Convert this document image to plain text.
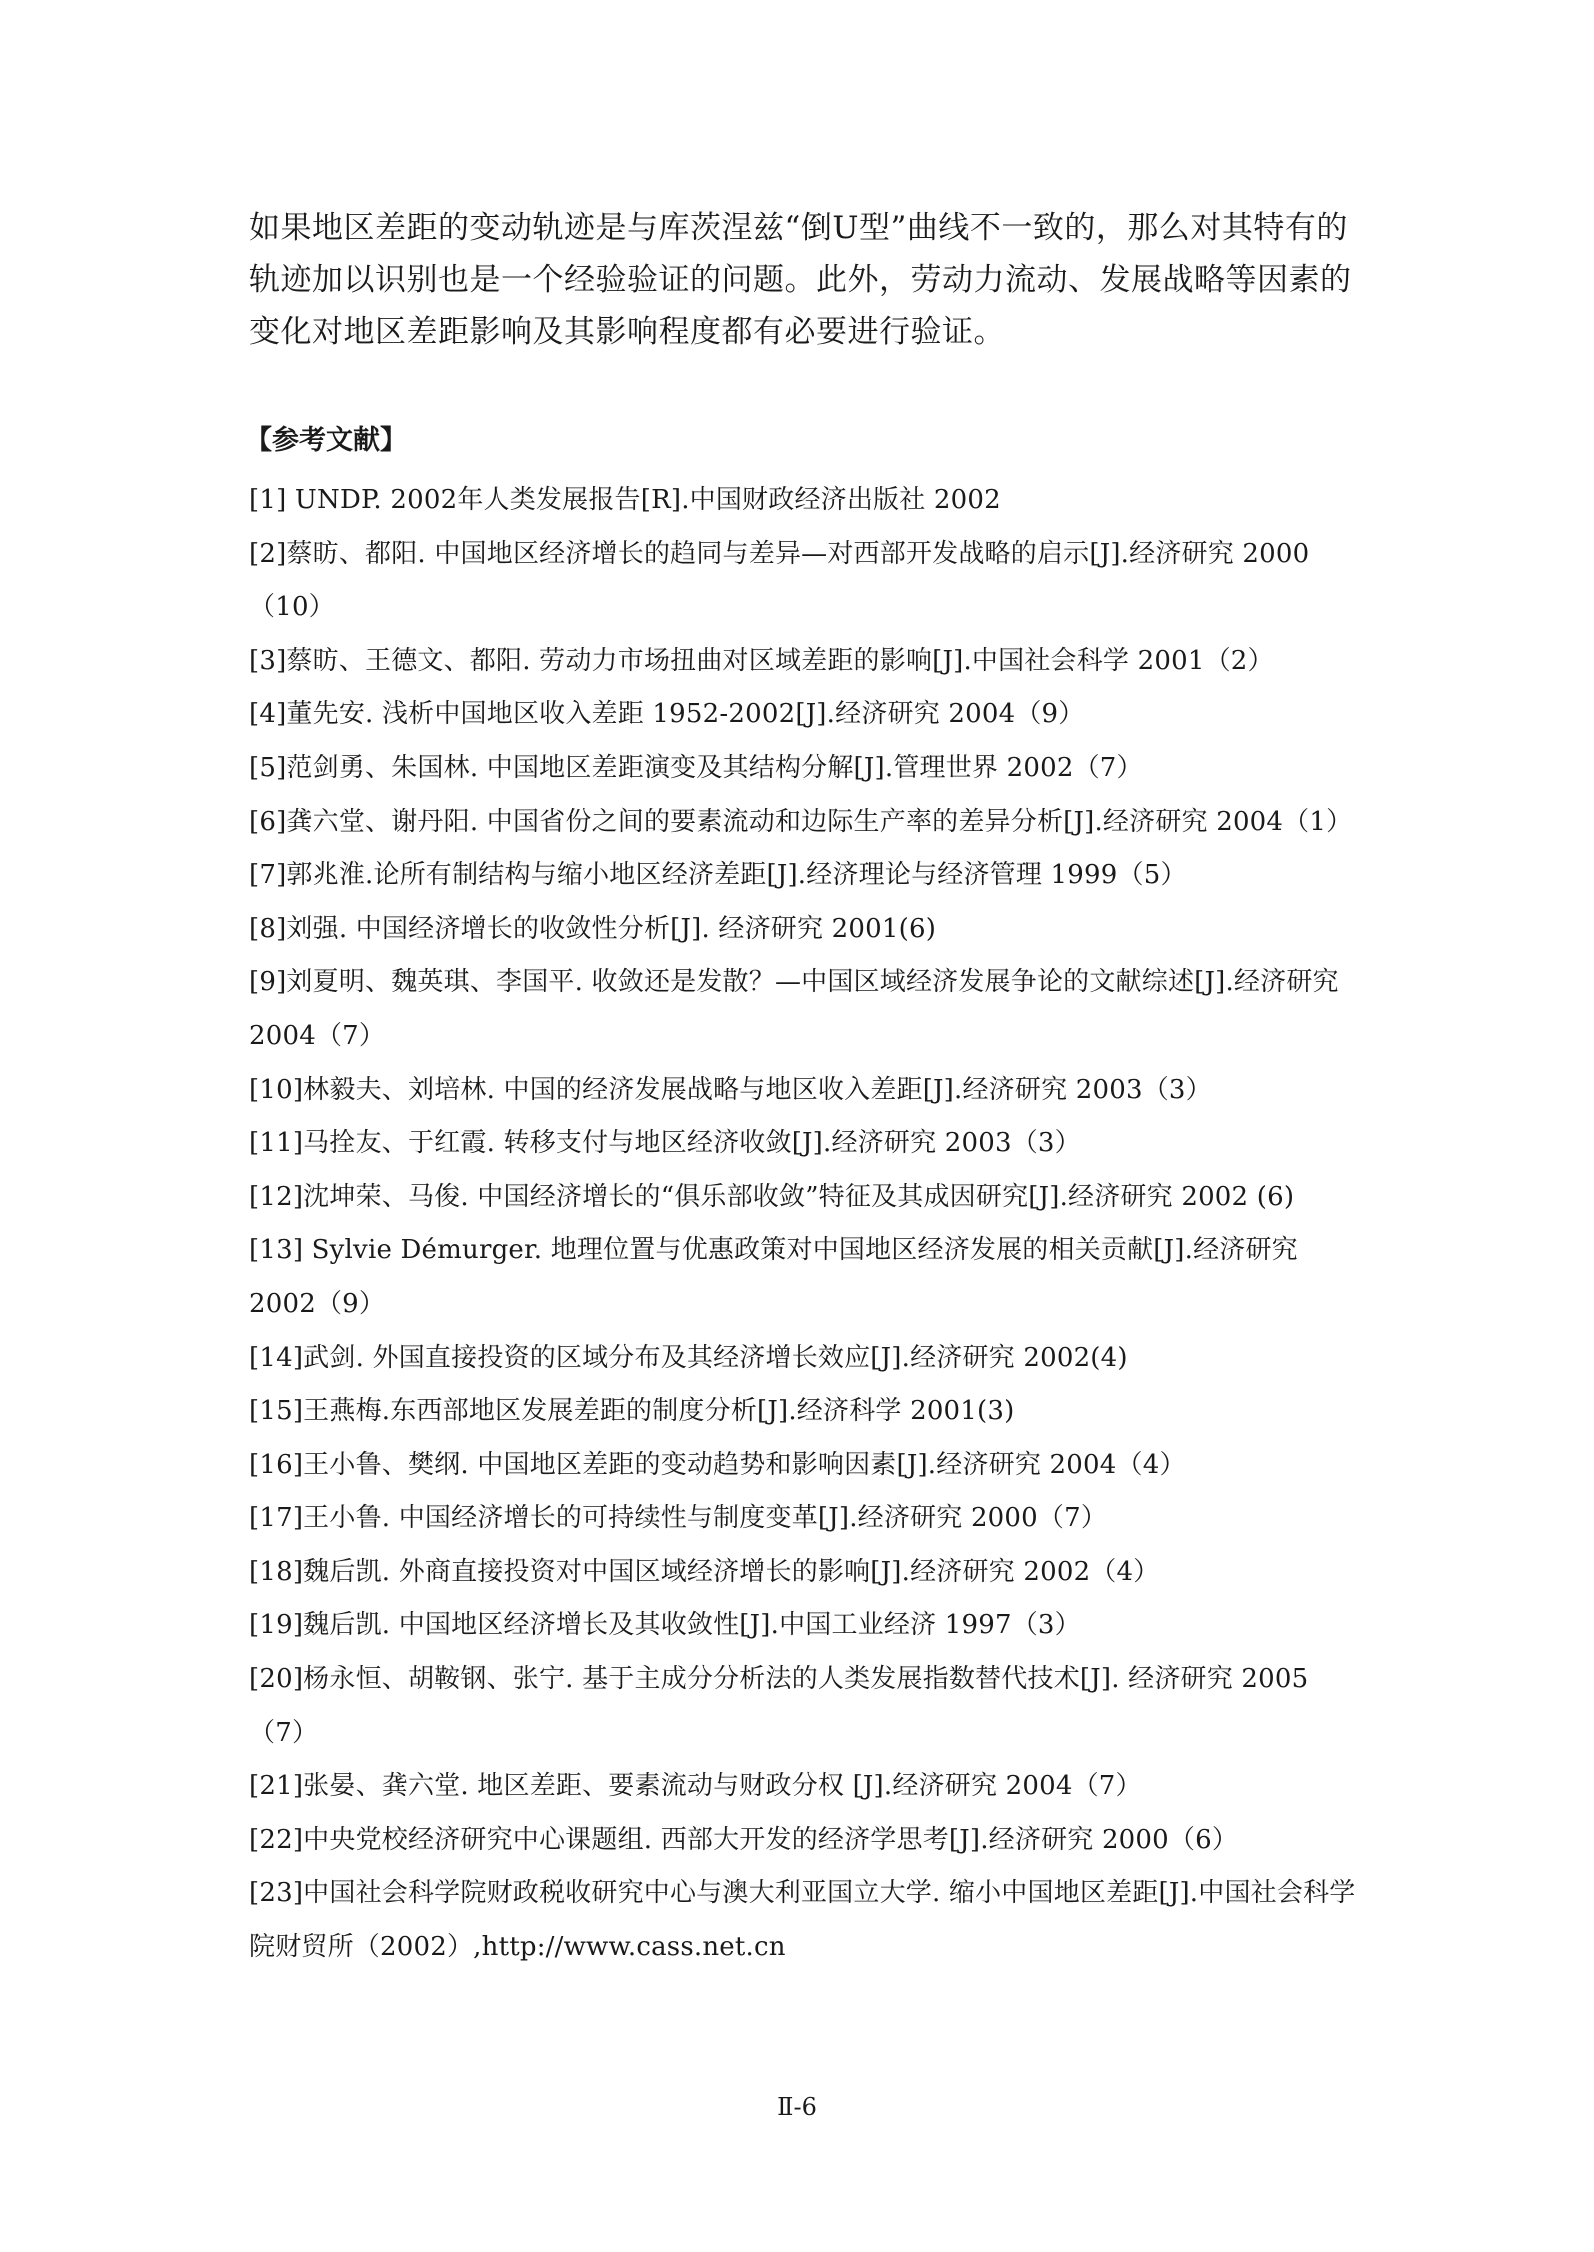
如果地区差距的变动轨迹是与库茨涅兹“倒U型”曲线不一致的，那么对其特有的轨迹加以识别也是一个经验验证的问题。此外，劳动力流动、发展战略等因素的变化对地区差距影响及其影响程度都有必要进行验证。

【参考文献】
[1] UNDP. 2002年人类发展报告[R].中国财政经济出版社 2002
[2]蔡昉、都阳. 中国地区经济增长的趋同与差异—对西部开发战略的启示[J].经济研究 2000（10）
[3]蔡昉、王德文、都阳. 劳动力市场扭曲对区域差距的影响[J].中国社会科学 2001（2）
[4]董先安. 浅析中国地区收入差距 1952-2002[J].经济研究 2004（9）
[5]范剑勇、朱国林. 中国地区差距演变及其结构分解[J].管理世界 2002（7）
[6]龚六堂、谢丹阳. 中国省份之间的要素流动和边际生产率的差异分析[J].经济研究 2004（1）
[7]郭兆淮.论所有制结构与缩小地区经济差距[J].经济理论与经济管理 1999（5）
[8]刘强. 中国经济增长的收敛性分析[J]. 经济研究 2001(6)
[9]刘夏明、魏英琪、李国平. 收敛还是发散？—中国区域经济发展争论的文献综述[J].经济研究 2004（7）
[10]林毅夫、刘培林. 中国的经济发展战略与地区收入差距[J].经济研究 2003（3）
[11]马拴友、于红霞. 转移支付与地区经济收敛[J].经济研究 2003（3）
[12]沈坤荣、马俊. 中国经济增长的“俱乐部收敛”特征及其成因研究[J].经济研究 2002 (6)
[13] Sylvie Démurger. 地理位置与优惠政策对中国地区经济发展的相关贡献[J].经济研究 2002（9）
[14]武剑. 外国直接投资的区域分布及其经济增长效应[J].经济研究 2002(4)
[15]王燕梅.东西部地区发展差距的制度分析[J].经济科学 2001(3)
[16]王小鲁、樊纲. 中国地区差距的变动趋势和影响因素[J].经济研究 2004（4）
[17]王小鲁. 中国经济增长的可持续性与制度变革[J].经济研究 2000（7）
[18]魏后凯. 外商直接投资对中国区域经济增长的影响[J].经济研究 2002（4）
[19]魏后凯. 中国地区经济增长及其收敛性[J].中国工业经济 1997（3）
[20]杨永恒、胡鞍钢、张宁. 基于主成分分析法的人类发展指数替代技术[J]. 经济研究 2005（7）
[21]张晏、龚六堂. 地区差距、要素流动与财政分权 [J].经济研究 2004（7）
[22]中央党校经济研究中心课题组. 西部大开发的经济学思考[J].经济研究 2000（6）
[23]中国社会科学院财政税收研究中心与澳大利亚国立大学. 缩小中国地区差距[J].中国社会科学院财贸所（2002）,http://www.cass.net.cn
Ⅱ-6
